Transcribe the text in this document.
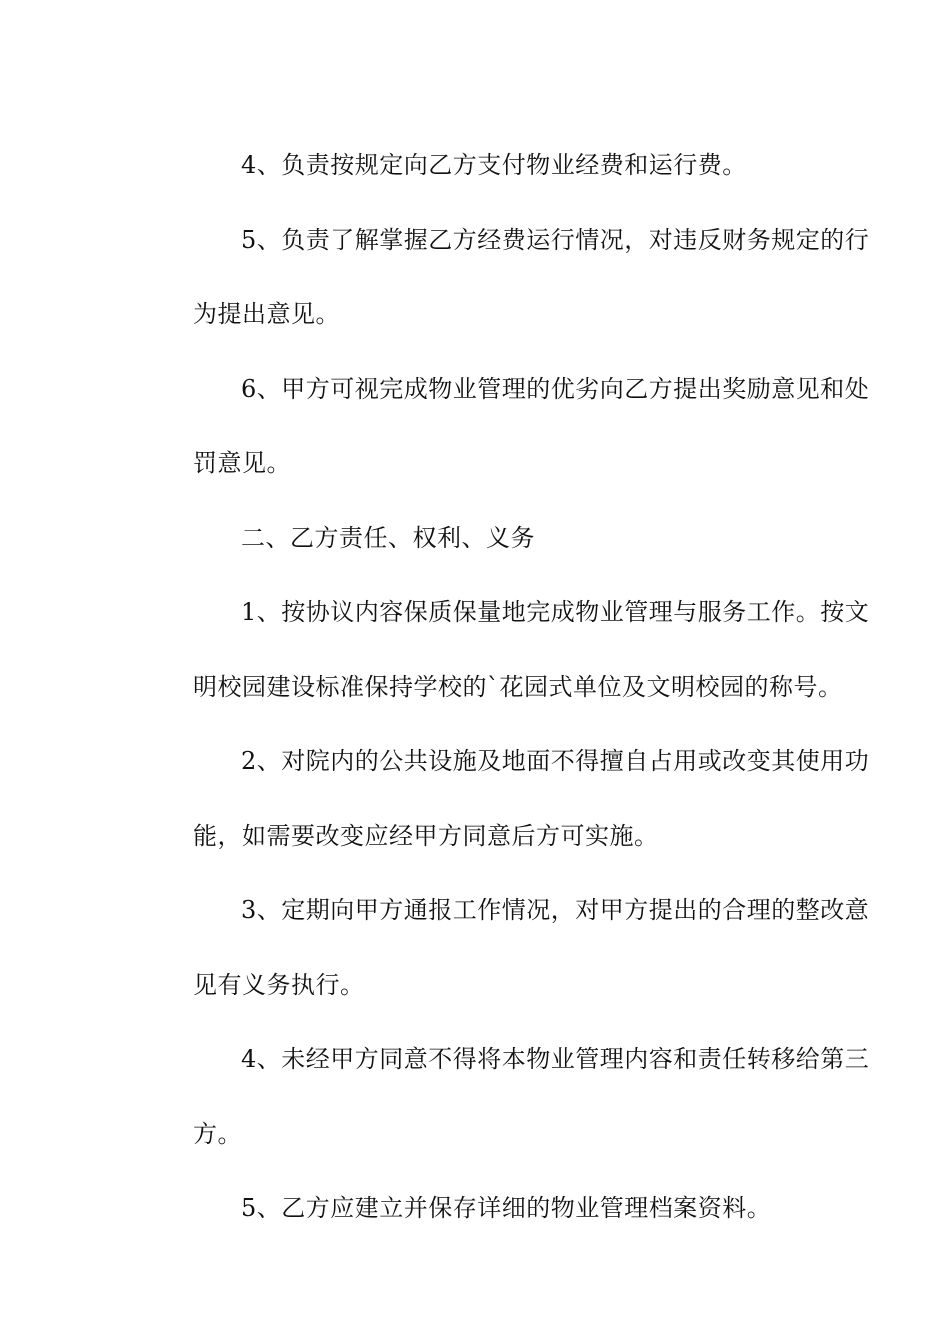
4、负责按规定向乙方支付物业经费和运行费。
5、负责了解掌握乙方经费运行情况，对违反财务规定的行
为提出意见。
6、甲方可视完成物业管理的优劣向乙方提出奖励意见和处
罚意见。
二、乙方责任、权利、义务
1、按协议内容保质保量地完成物业管理与服务工作。按文
明校园建设标准保持学校的`花园式单位及文明校园的称号。
2、对院内的公共设施及地面不得擅自占用或改变其使用功
能，如需要改变应经甲方同意后方可实施。
3、定期向甲方通报工作情况，对甲方提出的合理的整改意
见有义务执行。
4、未经甲方同意不得将本物业管理内容和责任转移给第三
方。
5、乙方应建立并保存详细的物业管理档案资料。
